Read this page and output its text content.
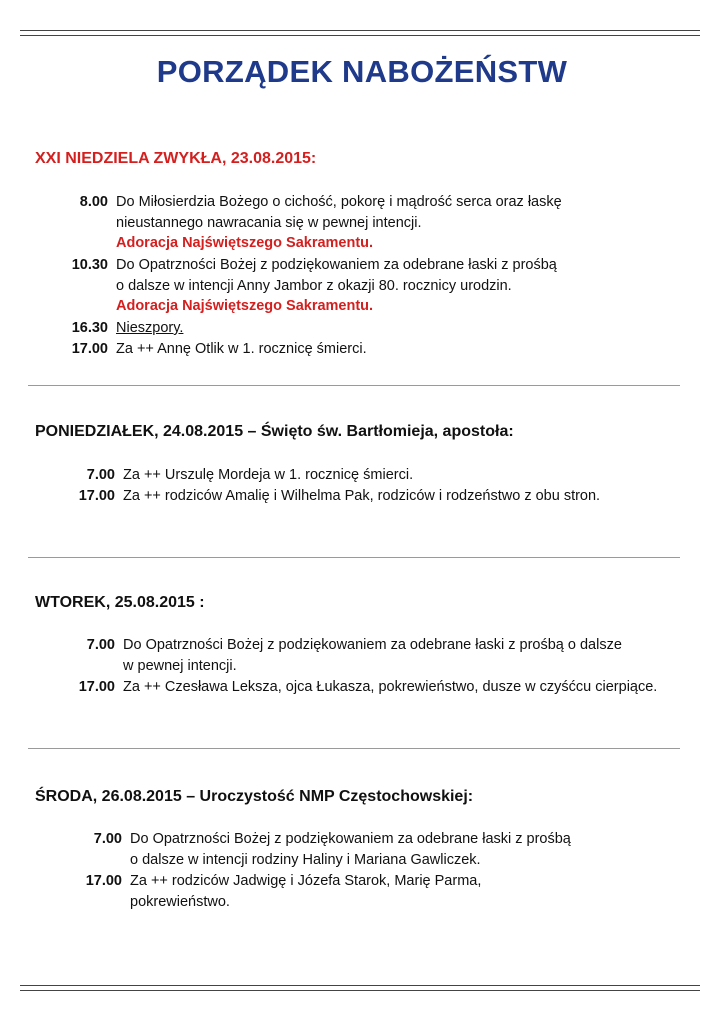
PORZĄDEK NABOŻEŃSTW
XXI NIEDZIELA ZWYKŁA, 23.08.2015:
8.00 Do Miłosierdzia Bożego o cichość, pokorę i mądrość serca oraz łaskę
nieustannego nawracania się w pewnej intencji.
Adoracja Najświętszego Sakramentu.
10.30 Do Opatrzności Bożej z podziękowaniem za odebrane łaski z prośbą
o dalsze w intencji Anny Jambor z okazji 80. rocznicy urodzin.
Adoracja Najświętszego Sakramentu.
16.30 Nieszpory.
17.00 Za ++ Annę Otlik w 1. rocznicę śmierci.
PONIEDZIAŁEK, 24.08.2015 – Święto św. Bartłomieja, apostoła:
7.00 Za ++ Urszulę Mordeja w 1. rocznicę śmierci.
17.00 Za ++ rodziców Amalię i Wilhelma Pak, rodziców i rodzeństwo z obu stron.
WTOREK, 25.08.2015 :
7.00 Do Opatrzności Bożej z podziękowaniem za odebrane łaski z prośbą o dalsze
w pewnej intencji.
17.00 Za ++ Czesława Leksza, ojca Łukasza, pokrewieństwo, dusze w czyśćcu cierpiące.
ŚRODA, 26.08.2015 – Uroczystość NMP Częstochowskiej:
7.00 Do Opatrzności Bożej z podziękowaniem za odebrane łaski z prośbą
o dalsze w intencji rodziny Haliny i Mariana Gawliczek.
17.00 Za ++ rodziców Jadwigę i Józefa Starok, Marię Parma,
pokrewieństwo.
